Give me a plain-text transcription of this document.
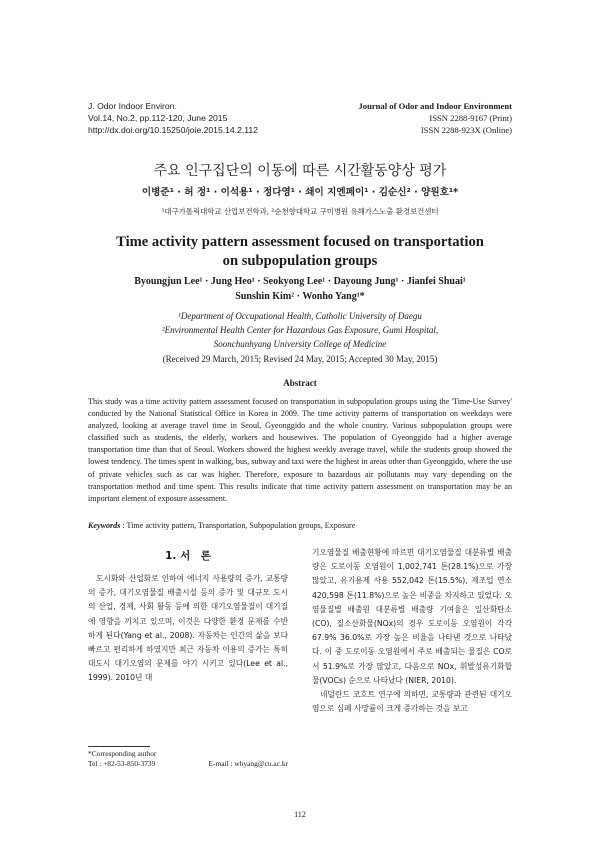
J. Odor Indoor Environ.
Vol.14, No.2, pp.112-120, June 2015
http://dx.doi.org/10.15250/joie.2015.14.2.112
Journal of Odor and Indoor Environment
ISSN 2288-9167 (Print)
ISSN 2288-923X (Online)
주요 인구집단의 이동에 따른 시간활동양상 평가
이병준¹ · 허 정¹ · 이석용¹ · 정다영¹ · 쇄이 지엔페이¹ · 김순신² · 양원호¹*
¹대구가톨릭대학교 산업보건학과, ²순천향대학교 구미병원 유해가스노출 환경보건센터
Time activity pattern assessment focused on transportation
on subpopulation groups
Byoungjun Lee¹ · Jung Heo¹ · Seokyong Lee¹ · Dayoung Jung¹ · Jianfei Shuai¹
Sunshin Kim² · Wonho Yang¹*
¹Department of Occupational Health, Catholic University of Daegu
²Environmental Health Center for Hazardous Gas Exposure, Gumi Hospital,
Soonchunhyang University College of Medicine
(Received 29 March, 2015; Revised 24 May, 2015; Accepted 30 May, 2015)
Abstract
This study was a time activity pattern assessment focused on transportation in subpopulation groups using the 'Time-Use Survey' conducted by the National Statistical Office in Korea in 2009. The time activity patterns of transportation on weekdays were analyzed, looking at average travel time in Seoul, Gyeonggido and the whole country. Various subpopulation groups were classified such as students, the elderly, workers and housewives. The population of Gyeonggido had a higher average transportation time than that of Seoul. Workers showed the highest weekly average travel, while the students group showed the lowest tendency. The times spent in walking, bus, subway and taxi were the highest in areas other than Gyeonggido, where the use of private vehicles such as car was higher. Therefore, exposure to hazardous air pollutants may vary depending on the transportation method and time spent. This results indicate that time activity pattern assessment on transportation may be an important element of exposure assessment.
Keywords : Time activity pattern, Transportation, Subpopulation groups, Exposure
1. 서　론
도시화와 산업화로 인하여 에너지 사용량의 증가, 교통량의 증가, 대기오염물질 배출시설 등의 증가 및 대규모 도시의 산업, 경제, 사회 활동 등에 의한 대기오염물질이 대기질에 영향을 끼치고 있으며, 이것은 다양한 환경 문제를 수반하게 된다(Yang et al., 2008). 자동차는 인간의 삶을 보다 빠르고 편리하게 하였지만 최근 자동차 이용의 증가는 특히 대도시 대기오염의 문제를 야기 시키고 있다(Lee et al., 1999). 2010년 대

기오염물질 배출현황에 따르면 대기오염물질 대분류별 배출량은 도로이동 오염원이 1,002,741 톤(28.1%)으로 가장 많았고, 유기용제 사용 552,042 톤(15.5%), 제조업 연소 420,598 톤(11.8%)으로 높은 비중을 차지하고 있었다. 오염물질별 배출원 대분류별 배출량 기여율은 일산화탄소(CO), 질소산화물(NOx)의 경우 도로이동 오염원이 각각 67.9% 36.0%로 가장 높은 비율을 나타낸 것으로 나타났다. 이 중 도로이동 오염원에서 주로 배출되는 물질은 CO로서 51.9%로 가장 많았고, 다음으로 NOx, 휘발성유기화합물(VOCs) 순으로 나타났다 (NIER, 2010).

네덜란드 코호트 연구에 의하면, 교통량과 관련된 대기오염으로 심폐 사망률이 크게 증가하는 것을 보고

*Corresponding author
Tel : +82-53-850-3739	E-mail : whyang@cu.ac.kr
112
